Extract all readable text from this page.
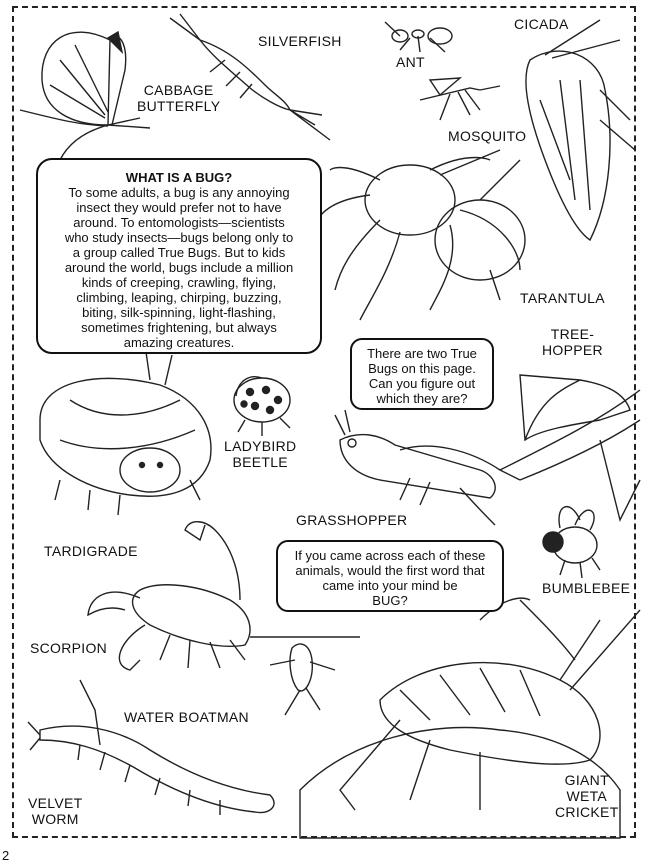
SILVERFISH
CICADA
ANT
CABBAGE
BUTTERFLY
MOSQUITO
TARANTULA
TREE-
HOPPER
LADYBIRD
BEETLE
GRASSHOPPER
TARDIGRADE
BUMBLEBEE
SCORPION
WATER BOATMAN
VELVET
WORM
GIANT
WETA
CRICKET
WHAT IS A BUG?
To some adults, a bug is any annoying
insect they would prefer not to have
around. To entomologists—scientists
who study insects—bugs belong only to
a group called True Bugs. But to kids
around the world, bugs include a million
kinds of creeping, crawling, flying,
climbing, leaping, chirping, buzzing,
biting, silk-spinning, light-flashing,
sometimes frightening, but always
amazing creatures.
There are two True
Bugs on this page.
Can you figure out
which they are?
If you came across each of these
animals, would the first word that
came into your mind be
BUG?
2
